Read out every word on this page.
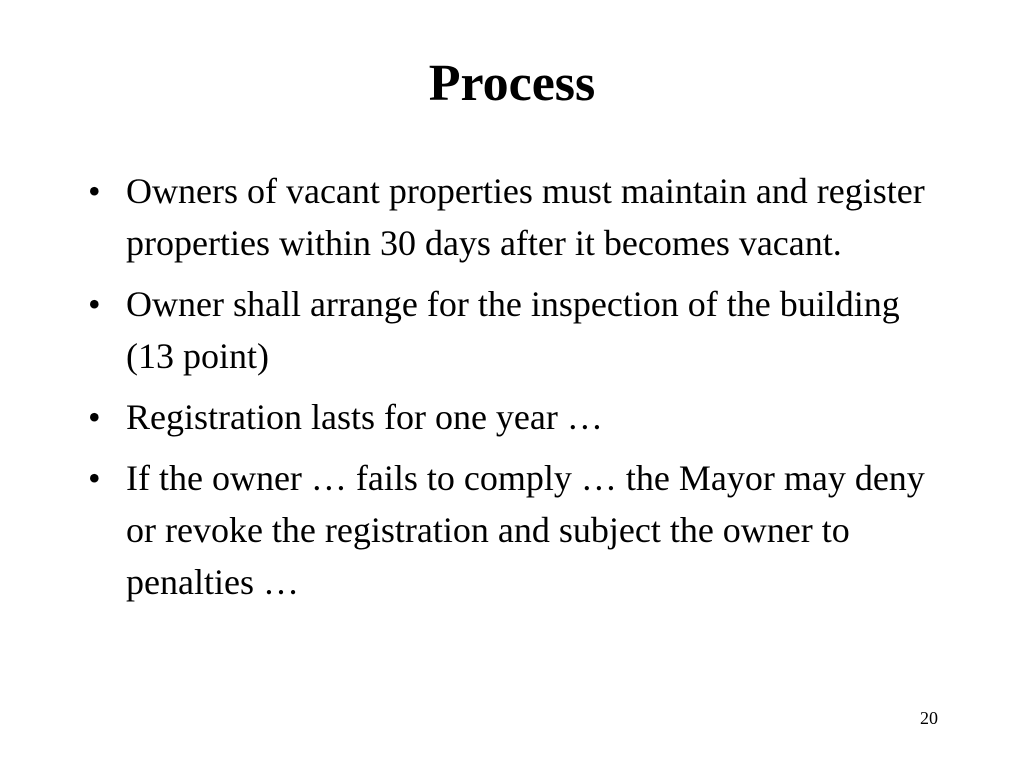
Process
• Owners of vacant properties must maintain and register properties within 30 days after it becomes vacant.
• Owner shall arrange for the inspection of the building (13 point)
• Registration lasts for one year …
• If the owner … fails to comply … the Mayor may deny or revoke the registration and subject the owner to penalties …
20
